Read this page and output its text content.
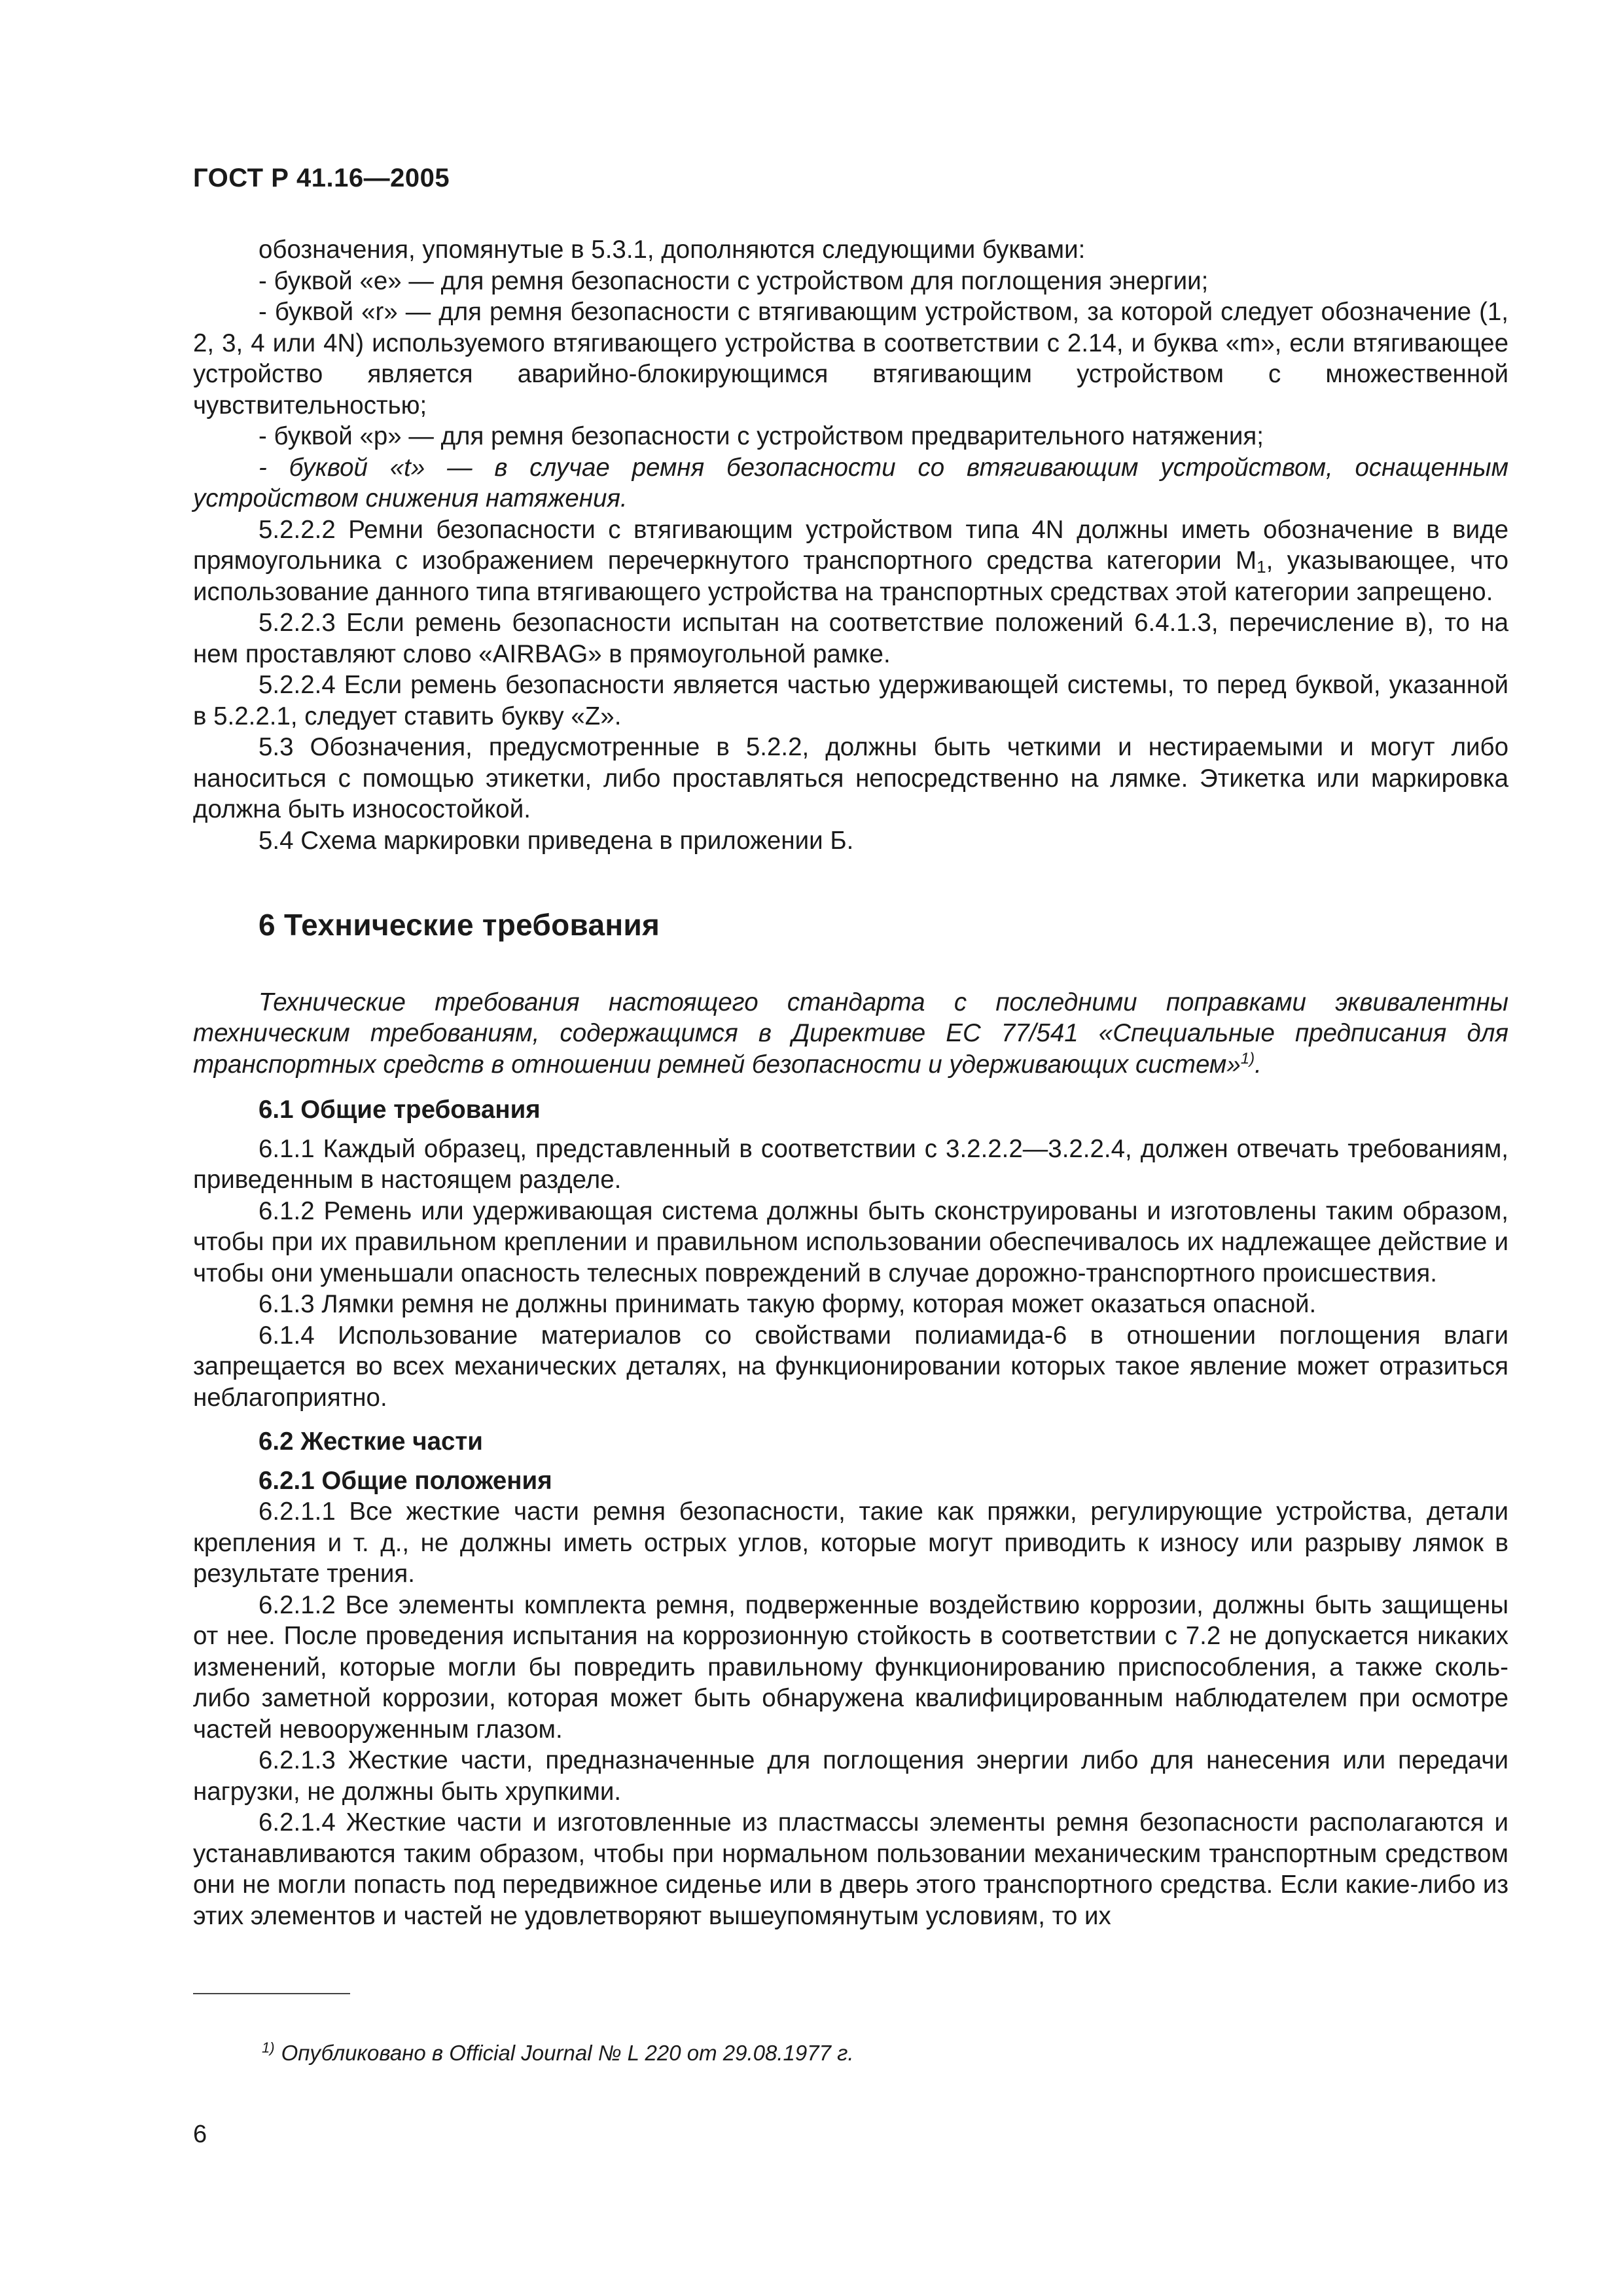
ГОСТ Р 41.16—2005

обозначения, упомянутые в 5.3.1, дополняются следующими буквами:

- буквой «е» — для ремня безопасности с устройством для поглощения энергии;

- буквой «r» — для ремня безопасности с втягивающим устройством, за которой следует обозначение (1, 2, 3, 4 или 4N) используемого втягивающего устройства в соответствии с 2.14, и буква «m», если втягивающее устройство является аварийно-блокирующимся втягивающим устройством с множественной чувствительностью;

- буквой «р» — для ремня безопасности с устройством предварительного натяжения;

- буквой «t» — в случае ремня безопасности со втягивающим устройством, оснащенным устройством снижения натяжения.

5.2.2.2 Ремни безопасности с втягивающим устройством типа 4N должны иметь обозначение в виде прямоугольника с изображением перечеркнутого транспортного средства категории $М_1$, указывающее, что использование данного типа втягивающего устройства на транспортных средствах этой категории запрещено.

5.2.2.3 Если ремень безопасности испытан на соответствие положений 6.4.1.3, перечисление в), то на нем проставляют слово «AIRBAG» в прямоугольной рамке.

5.2.2.4 Если ремень безопасности является частью удерживающей системы, то перед буквой, указанной в 5.2.2.1, следует ставить букву «Z».

5.3 Обозначения, предусмотренные в 5.2.2, должны быть четкими и нестираемыми и могут либо наноситься с помощью этикетки, либо проставляться непосредственно на лямке. Этикетка или маркировка должна быть износостойкой.

5.4 Схема маркировки приведена в приложении Б.

6 Технические требования

Технические требования настоящего стандарта с последними поправками эквивалентны техническим требованиям, содержащимся в Директиве ЕС 77/541 «Специальные предписания для транспортных средств в отношении ремней безопасности и удерживающих систем»$^{1)}$.

6.1 Общие требования

6.1.1 Каждый образец, представленный в соответствии с 3.2.2.2—3.2.2.4, должен отвечать требованиям, приведенным в настоящем разделе.

6.1.2 Ремень или удерживающая система должны быть сконструированы и изготовлены таким образом, чтобы при их правильном креплении и правильном использовании обеспечивалось их надлежащее действие и чтобы они уменьшали опасность телесных повреждений в случае дорожно-транспортного происшествия.

6.1.3 Лямки ремня не должны принимать такую форму, которая может оказаться опасной.

6.1.4 Использование материалов со свойствами полиамида-6 в отношении поглощения влаги запрещается во всех механических деталях, на функционировании которых такое явление может отразиться неблагоприятно.

6.2 Жесткие части

6.2.1 Общие положения

6.2.1.1 Все жесткие части ремня безопасности, такие как пряжки, регулирующие устройства, детали крепления и т. д., не должны иметь острых углов, которые могут приводить к износу или разрыву лямок в результате трения.

6.2.1.2 Все элементы комплекта ремня, подверженные воздействию коррозии, должны быть защищены от нее. После проведения испытания на коррозионную стойкость в соответствии с 7.2 не допускается никаких изменений, которые могли бы повредить правильному функционированию приспособления, а также сколь-либо заметной коррозии, которая может быть обнаружена квалифицированным наблюдателем при осмотре частей невооруженным глазом.

6.2.1.3 Жесткие части, предназначенные для поглощения энергии либо для нанесения или передачи нагрузки, не должны быть хрупкими.

6.2.1.4 Жесткие части и изготовленные из пластмассы элементы ремня безопасности располагаются и устанавливаются таким образом, чтобы при нормальном пользовании механическим транспортным средством они не могли попасть под передвижное сиденье или в дверь этого транспортного средства. Если какие-либо из этих элементов и частей не удовлетворяют вышеупомянутым условиям, то их

$^{1)}$ Опубликовано в Official Journal № L 220 от 29.08.1977 г.
6
